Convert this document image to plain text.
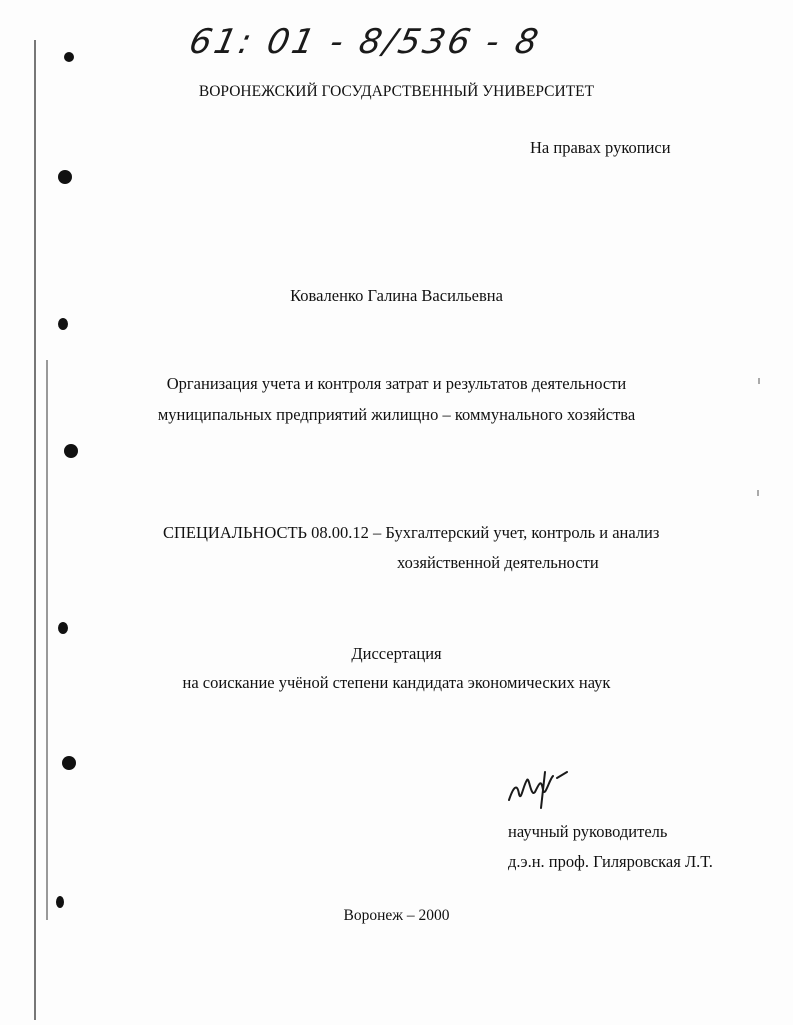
61: 01 - 8/536 - 8
ВОРОНЕЖСКИЙ ГОСУДАРСТВЕННЫЙ УНИВЕРСИТЕТ
На правах рукописи
Коваленко Галина Васильевна
Организация учета и контроля затрат и результатов деятельности
муниципальных предприятий жилищно – коммунального хозяйства
СПЕЦИАЛЬНОСТЬ 08.00.12 – Бухгалтерский учет, контроль и анализ
хозяйственной деятельности
Диссертация
на соискание учёной степени кандидата экономических наук
научный руководитель
д.э.н. проф. Гиляровская Л.Т.
Воронеж – 2000
